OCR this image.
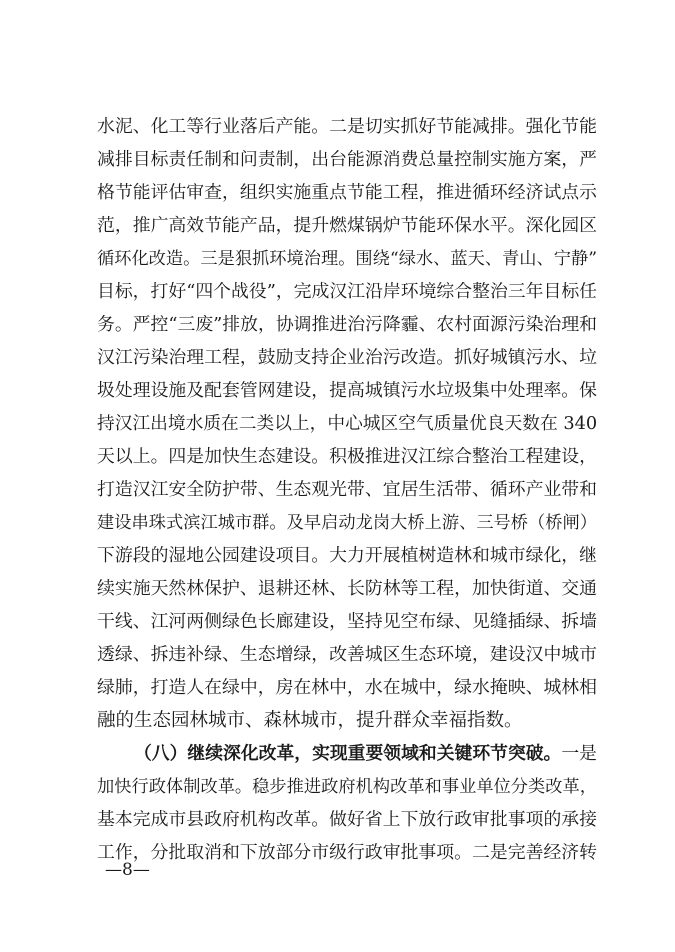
水泥、化工等行业落后产能。二是切实抓好节能减排。强化节能
减排目标责任制和问责制，出台能源消费总量控制实施方案，严
格节能评估审查，组织实施重点节能工程，推进循环经济试点示
范，推广高效节能产品，提升燃煤锅炉节能环保水平。深化园区
循环化改造。三是狠抓环境治理。围绕“绿水、蓝天、青山、宁静”
目标，打好“四个战役”，完成汉江沿岸环境综合整治三年目标任
务。严控“三废”排放，协调推进治污降霾、农村面源污染治理和
汉江污染治理工程，鼓励支持企业治污改造。抓好城镇污水、垃
圾处理设施及配套管网建设，提高城镇污水垃圾集中处理率。保
持汉江出境水质在二类以上，中心城区空气质量优良天数在 340
天以上。四是加快生态建设。积极推进汉江综合整治工程建设，
打造汉江安全防护带、生态观光带、宜居生活带、循环产业带和
建设串珠式滨江城市群。及早启动龙岗大桥上游、三号桥（桥闸）
下游段的湿地公园建设项目。大力开展植树造林和城市绿化，继
续实施天然林保护、退耕还林、长防林等工程，加快街道、交通
干线、江河两侧绿色长廊建设，坚持见空布绿、见缝插绿、拆墙
透绿、拆违补绿、生态增绿，改善城区生态环境，建设汉中城市
绿肺，打造人在绿中，房在林中，水在城中，绿水掩映、城林相
融的生态园林城市、森林城市，提升群众幸福指数。
（八）继续深化改革，实现重要领域和关键环节突破。一是
加快行政体制改革。稳步推进政府机构改革和事业单位分类改革，
基本完成市县政府机构改革。做好省上下放行政审批事项的承接
工作，分批取消和下放部分市级行政审批事项。二是完善经济转
—8—
